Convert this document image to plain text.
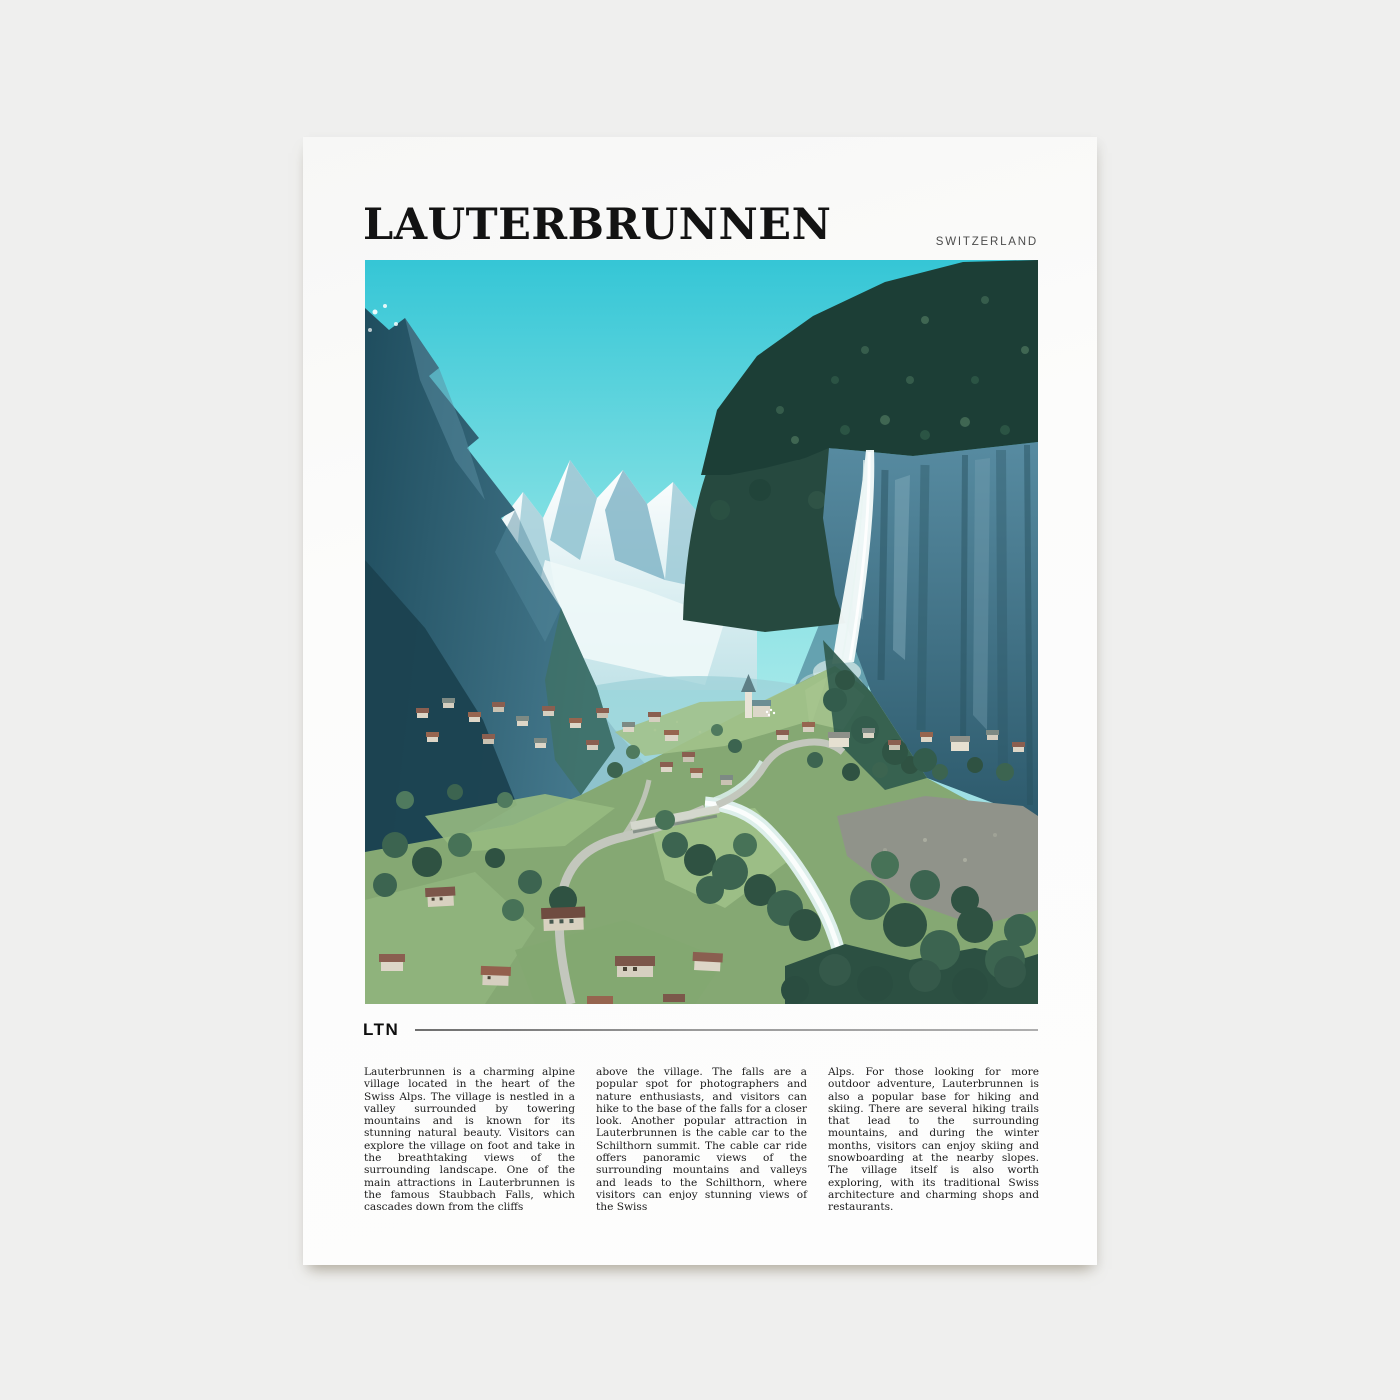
LAUTERBRUNNEN	SWITZERLAND
LTN

Lauterbrunnen is a charming alpine village located in the heart of the Swiss Alps. The village is nestled in a valley surrounded by towering mountains and is known for its stunning natural beauty. Visitors can explore the village on foot and take in the breathtaking views of the surrounding landscape. One of the main attractions in Lauterbrunnen is the famous Staubbach Falls, which cascades down from the cliffs

above the village. The falls are a popular spot for photographers and nature enthusiasts, and visitors can hike to the base of the falls for a closer look. Another popular attraction in Lauterbrunnen is the cable car to the Schilthorn summit. The cable car ride offers panoramic views of the surrounding mountains and valleys and leads to the Schilthorn, where visitors can enjoy stunning views of the Swiss

Alps. For those looking for more outdoor adventure, Lauterbrunnen is also a popular base for hiking and skiing. There are several hiking trails that lead to the surrounding mountains, and during the winter months, visitors can enjoy skiing and snowboarding at the nearby slopes. The village itself is also worth exploring, with its traditional Swiss architecture and charming shops and restaurants.
